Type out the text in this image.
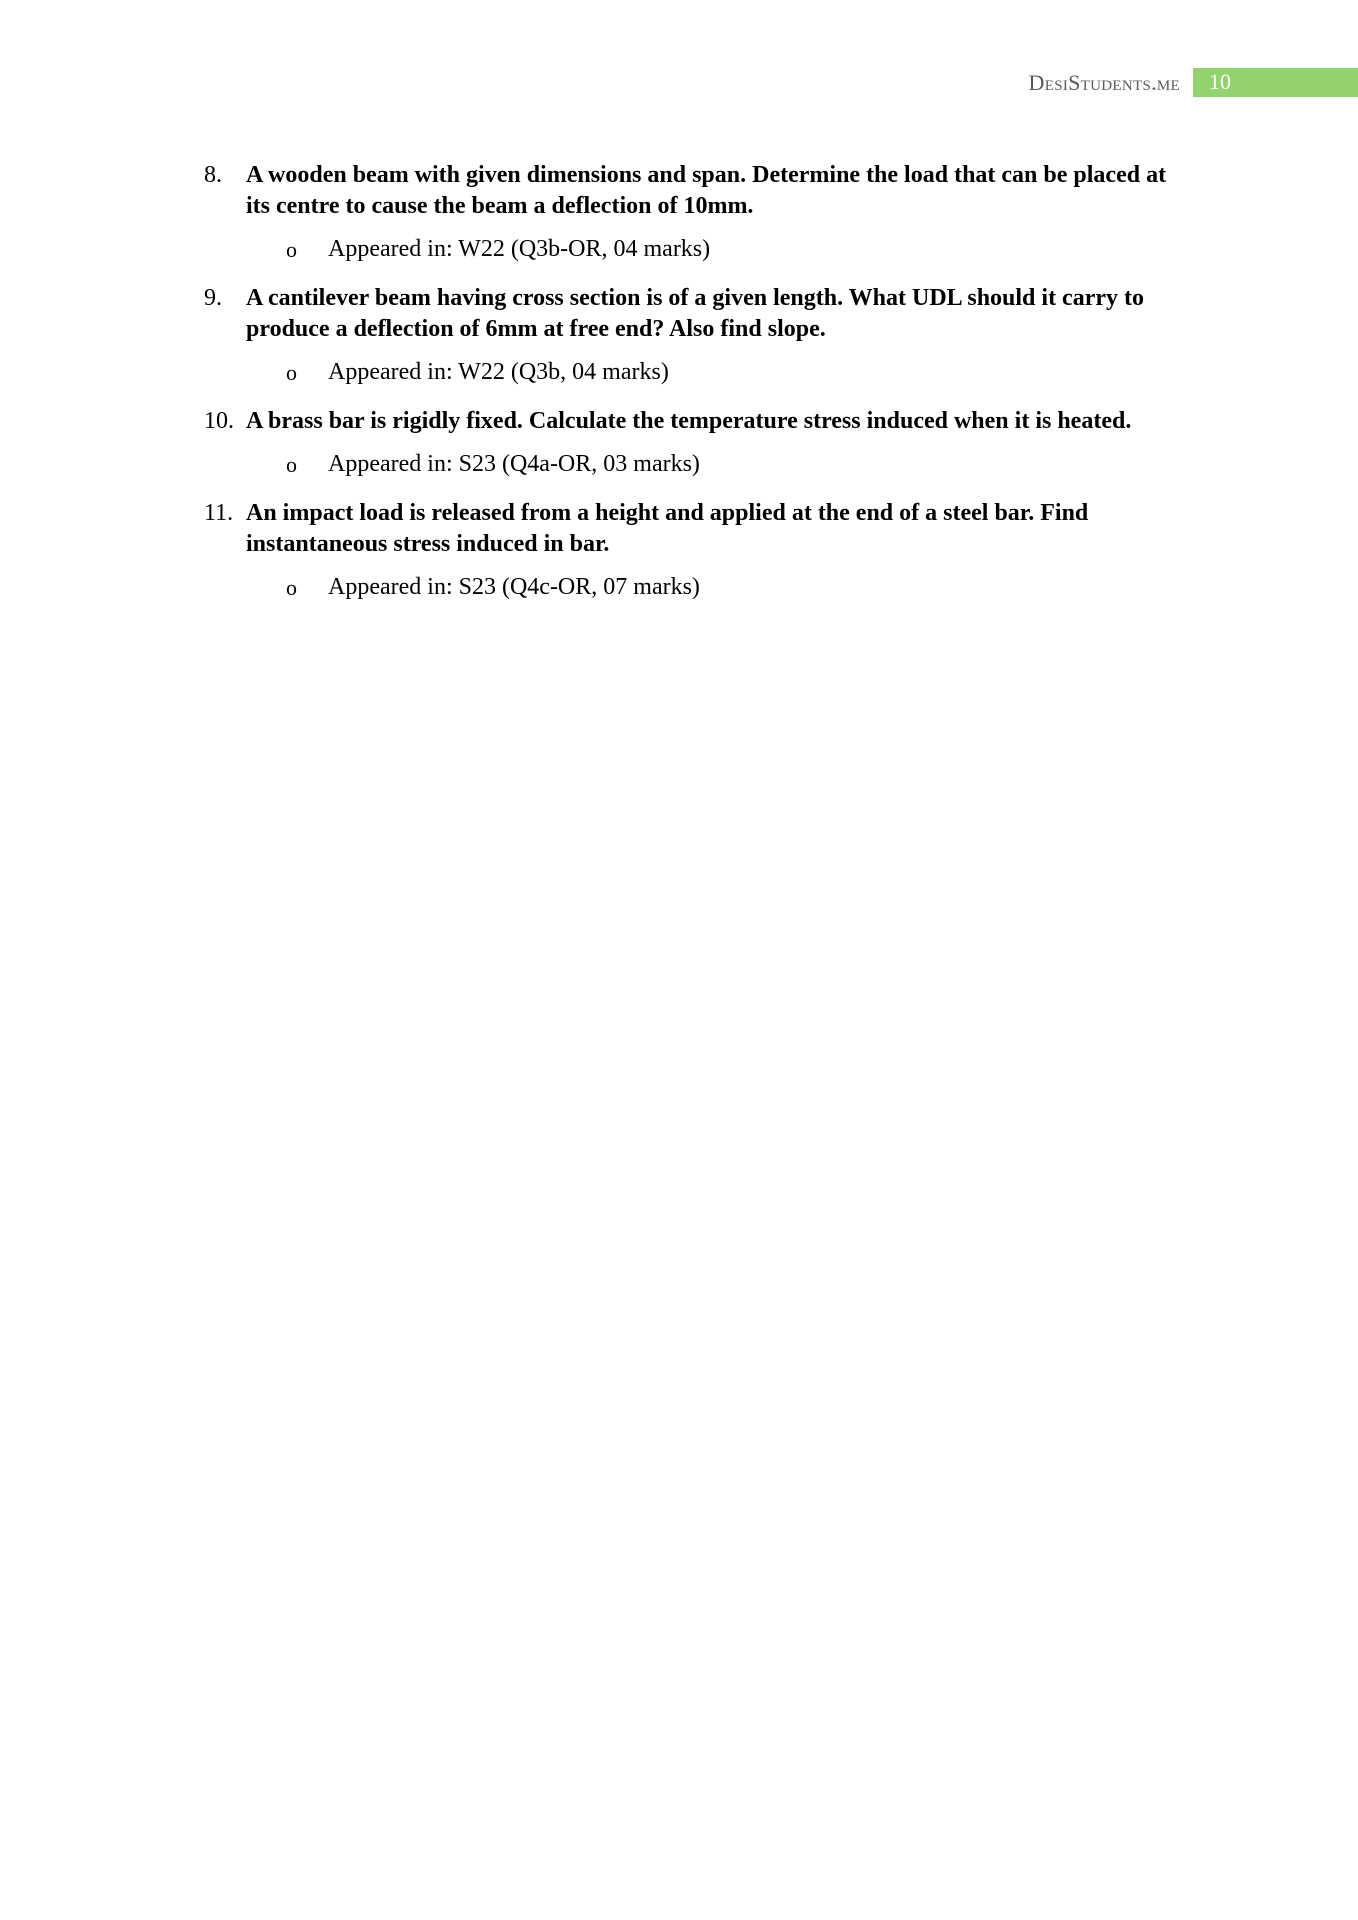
DesiStudents.me 10
8. A wooden beam with given dimensions and span. Determine the load that can be placed at its centre to cause the beam a deflection of 10mm.
o Appeared in: W22 (Q3b-OR, 04 marks)
9. A cantilever beam having cross section is of a given length. What UDL should it carry to produce a deflection of 6mm at free end? Also find slope.
o Appeared in: W22 (Q3b, 04 marks)
10. A brass bar is rigidly fixed. Calculate the temperature stress induced when it is heated.
o Appeared in: S23 (Q4a-OR, 03 marks)
11. An impact load is released from a height and applied at the end of a steel bar. Find instantaneous stress induced in bar.
o Appeared in: S23 (Q4c-OR, 07 marks)
